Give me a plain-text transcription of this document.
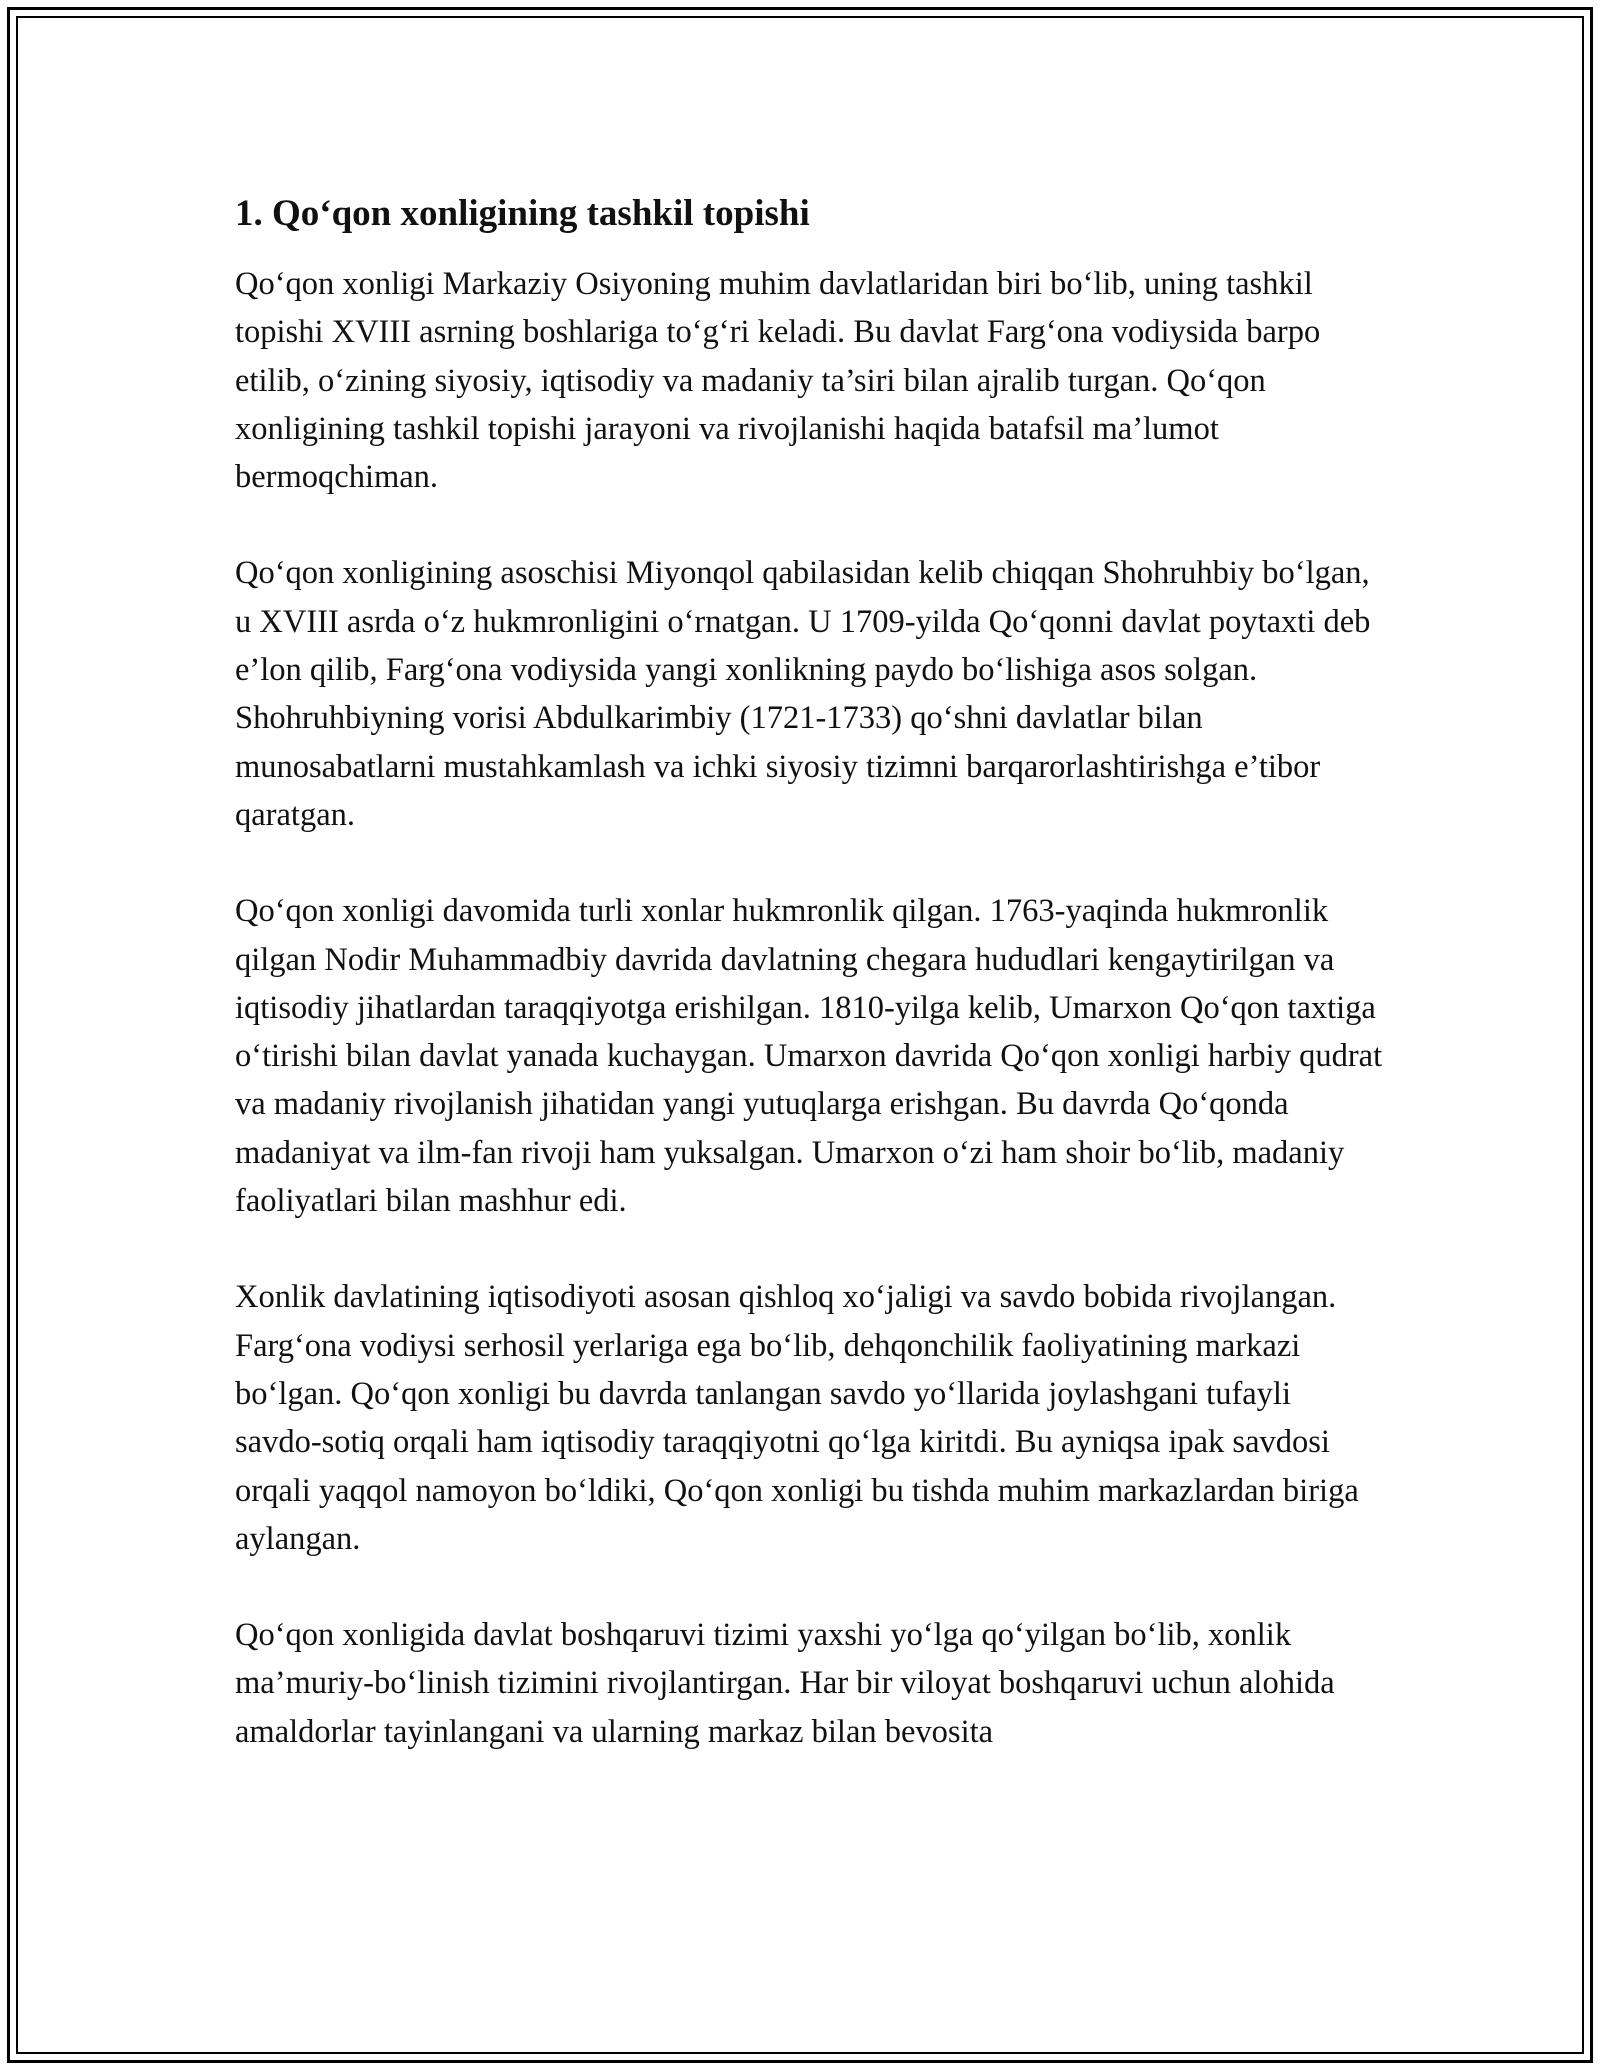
1. Qo‘qon xonligining tashkil topishi

Qo‘qon xonligi Markaziy Osiyoning muhim davlatlaridan biri bo‘lib, uning tashkil topishi XVIII asrning boshlariga to‘g‘ri keladi. Bu davlat Farg‘ona vodiysida barpo etilib, o‘zining siyosiy, iqtisodiy va madaniy ta’siri bilan ajralib turgan. Qo‘qon xonligining tashkil topishi jarayoni va rivojlanishi haqida batafsil ma’lumot bermoqchiman.

Qo‘qon xonligining asoschisi Miyonqol qabilasidan kelib chiqqan Shohruhbiy bo‘lgan, u XVIII asrda o‘z hukmronligini o‘rnatgan. U 1709-yilda Qo‘qonni davlat poytaxti deb e’lon qilib, Farg‘ona vodiysida yangi xonlikning paydo bo‘lishiga asos solgan. Shohruhbiyning vorisi Abdulkarimbiy (1721-1733) qo‘shni davlatlar bilan munosabatlarni mustahkamlash va ichki siyosiy tizimni barqarorlashtirishga e’tibor qaratgan.

Qo‘qon xonligi davomida turli xonlar hukmronlik qilgan. 1763-yaqinda hukmronlik qilgan Nodir Muhammadbiy davrida davlatning chegara hududlari kengaytirilgan va iqtisodiy jihatlardan taraqqiyotga erishilgan. 1810-yilga kelib, Umarxon Qo‘qon taxtiga o‘tirishi bilan davlat yanada kuchaygan. Umarxon davrida Qo‘qon xonligi harbiy qudrat va madaniy rivojlanish jihatidan yangi yutuqlarga erishgan. Bu davrda Qo‘qonda madaniyat va ilm-fan rivoji ham yuksalgan. Umarxon o‘zi ham shoir bo‘lib, madaniy faoliyatlari bilan mashhur edi.

Xonlik davlatining iqtisodiyoti asosan qishloq xo‘jaligi va savdo bobida rivojlangan. Farg‘ona vodiysi serhosil yerlariga ega bo‘lib, dehqonchilik faoliyatining markazi bo‘lgan. Qo‘qon xonligi bu davrda tanlangan savdo yo‘llarida joylashgani tufayli savdo-sotiq orqali ham iqtisodiy taraqqiyotni qo‘lga kiritdi. Bu ayniqsa ipak savdosi orqali yaqqol namoyon bo‘ldiki, Qo‘qon xonligi bu tishda muhim markazlardan biriga aylangan.

Qo‘qon xonligida davlat boshqaruvi tizimi yaxshi yo‘lga qo‘yilgan bo‘lib, xonlik ma’muriy-bo‘linish tizimini rivojlantirgan. Har bir viloyat boshqaruvi uchun alohida amaldorlar tayinlangani va ularning markaz bilan bevosita
